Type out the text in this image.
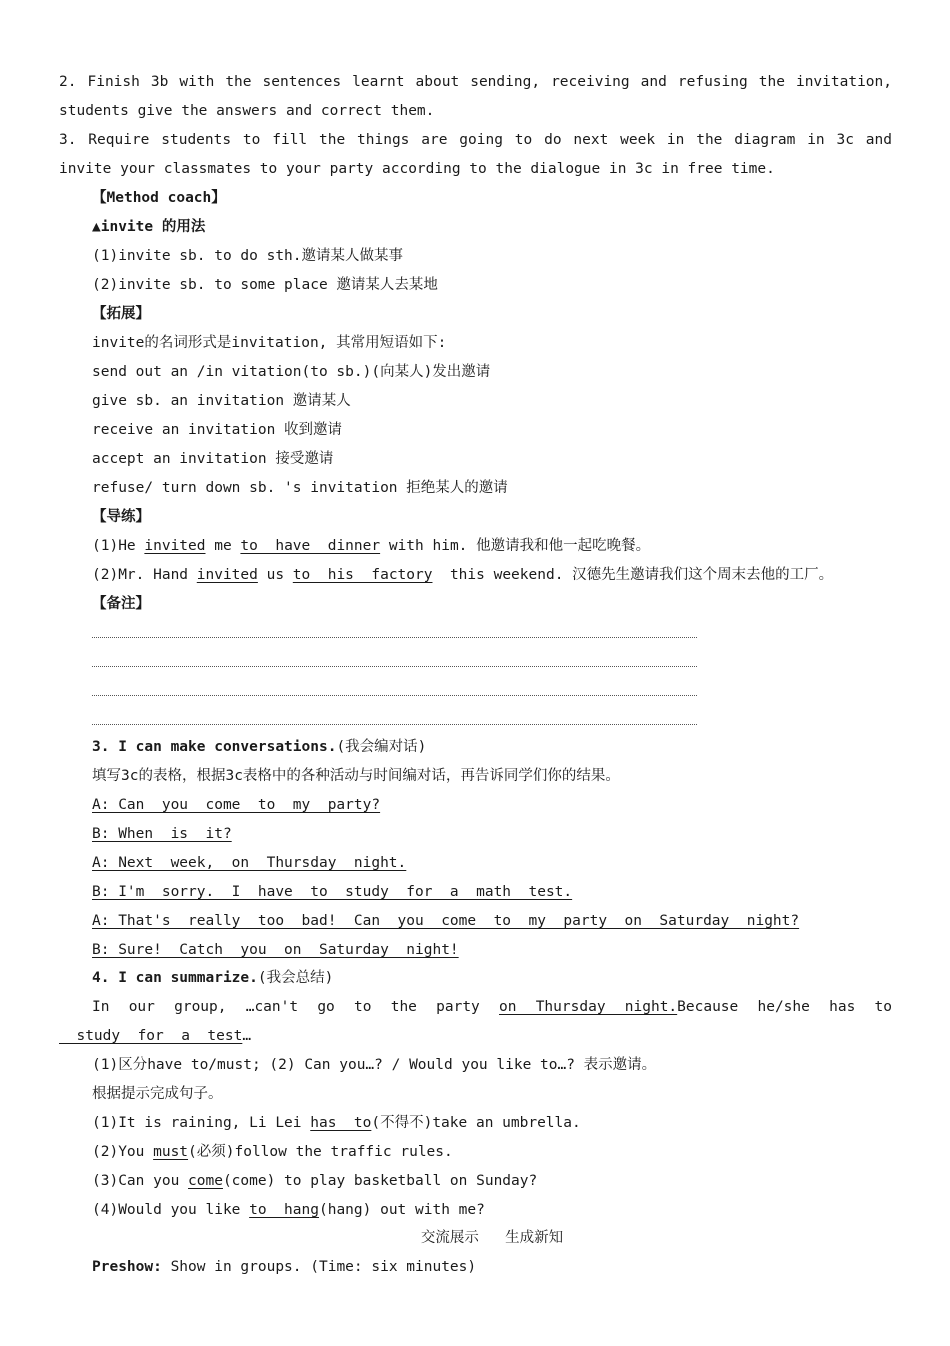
2. Finish 3b with the sentences learnt about sending, receiving and refusing the invitation,
students give the answers and correct them.
3. Require students to fill the things are going to do next week in the diagram in 3c and
invite your classmates to your party according to the dialogue in 3c in free time.
【Method coach】
▲invite 的用法
(1)invite sb. to do sth.邀请某人做某事
(2)invite sb. to some place 邀请某人去某地
【拓展】
invite的名词形式是invitation, 其常用短语如下:
send out an /in vitation(to sb.)(向某人)发出邀请
give sb. an invitation 邀请某人
receive an invitation 收到邀请
accept an invitation 接受邀请
refuse/ turn down sb. 's invitation 拒绝某人的邀请
【导练】
(1)He invited me to  have  dinner with him. 他邀请我和他一起吃晚餐。
(2)Mr. Hand invited us to  his  factory  this weekend. 汉德先生邀请我们这个周末去他的工厂。
【备注】
3. I can make conversations.(我会编对话)
填写3c的表格，根据3c表格中的各种活动与时间编对话，再告诉同学们你的结果。
A: Can  you  come  to  my  party?
B: When  is  it?
A: Next  week,  on  Thursday  night.
B: I'm  sorry.  I  have  to  study  for  a  math  test.
A: That's  really  too  bad!  Can  you  come  to  my  party  on  Saturday  night?
B: Sure!  Catch  you  on  Saturday  night!
4. I can summarize.(我会总结)
In our group, …can't go to the party on Thursday night.Because he/she has to
study  for  a  test…
(1)区分have to/must; (2) Can you…? / Would you like to…? 表示邀请。
根据提示完成句子。
(1)It is raining, Li Lei has  to(不得不)take an umbrella.
(2)You must(必须)follow the traffic rules.
(3)Can you come(come) to play basketball on Sunday?
(4)Would you like to  hang(hang) out with me?
交流展示   生成新知
Preshow: Show in groups. (Time: six minutes)
